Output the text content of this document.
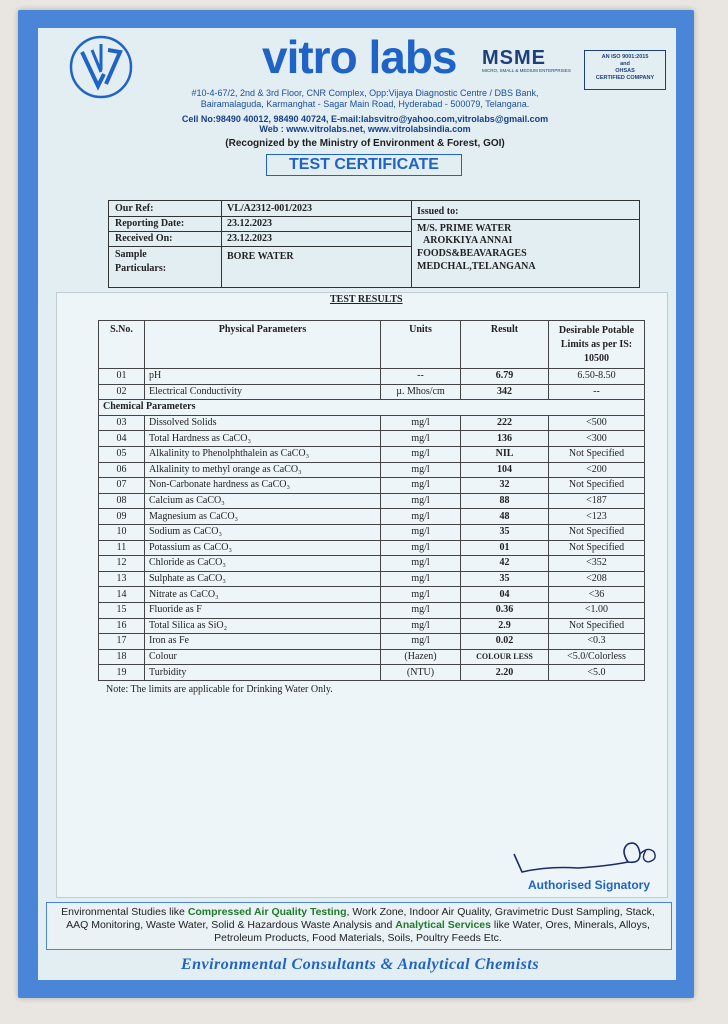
vitro labs MSME
MICRO, SMALL & MEDIUM ENTERPRISES
AN ISO 9001:2015
and
OHSAS
CERTIFIED COMPANY
#10-4-67/2, 2nd & 3rd Floor, CNR Complex, Opp:Vijaya Diagnostic Centre / DBS Bank,
Bairamalaguda, Karmanghat - Sagar Main Road, Hyderabad - 500079, Telangana.
Cell No:98490 40012, 98490 40724, E-mail:labsvitro@yahoo.com,vitrolabs@gmail.com
Web : www.vitrolabs.net, www.vitrolabsindia.com
(Recognized by the Ministry of Environment & Forest, GOI)
TEST CERTIFICATE
Our Ref:	VL/A2312-001/2023
Reporting Date:	23.12.2023
Received On:	23.12.2023
Sample
Particulars:
BORE WATER
Issued to:
M/S. PRIME WATER
AROKKIYA ANNAI
FOODS&BEAVARAGES
MEDCHAL,TELANGANA
TEST RESULTS
S.No.	Physical Parameters	Units	Result	Desirable Potable Limits as per IS: 10500
01	pH	--	6.79	6.50-8.50
02	Electrical Conductivity	µ. Mhos/cm	342	--
Chemical Parameters				
03	Dissolved Solids	mg/l	222	<500
04	Total Hardness as CaCO₃	mg/l	136	<300
05	Alkalinity to Phenolphthalein as CaCO₃	mg/l	NIL	Not Specified
06	Alkalinity to methyl orange as CaCO₃	mg/l	104	<200
07	Non-Carbonate hardness as CaCO₃	mg/l	32	Not Specified
08	Calcium as CaCO₃	mg/l	88	<187
09	Magnesium as CaCO₃	mg/l	48	<123
10	Sodium as CaCO₃	mg/l	35	Not Specified
11	Potassium as CaCO₃	mg/l	01	Not Specified
12	Chloride as CaCO₃	mg/l	42	<352
13	Sulphate as CaCO₃	mg/l	35	<208
14	Nitrate as CaCO₃	mg/l	04	<36
15	Fluoride as F	mg/l	0.36	<1.00
16	Total Silica as SiO₂	mg/l	2.9	Not Specified
17	Iron as Fe	mg/l	0.02	<0.3
18	Colour	(Hazen)	COLOUR LESS	<5.0/Colorless
19	Turbidity	(NTU)	2.20	<5.0
Note: The limits are applicable for Drinking Water Only.
Authorised Signatory
Environmental Studies like Compressed Air Quality Testing, Work Zone, Indoor Air Quality, Gravimetric Dust Sampling, Stack, AAQ Monitoring, Waste Water, Solid & Hazardous Waste Analysis and Analytical Services like Water, Ores, Minerals, Alloys, Petroleum Products, Food Materials, Soils, Poultry Feeds Etc.
Environmental Consultants & Analytical Chemists
